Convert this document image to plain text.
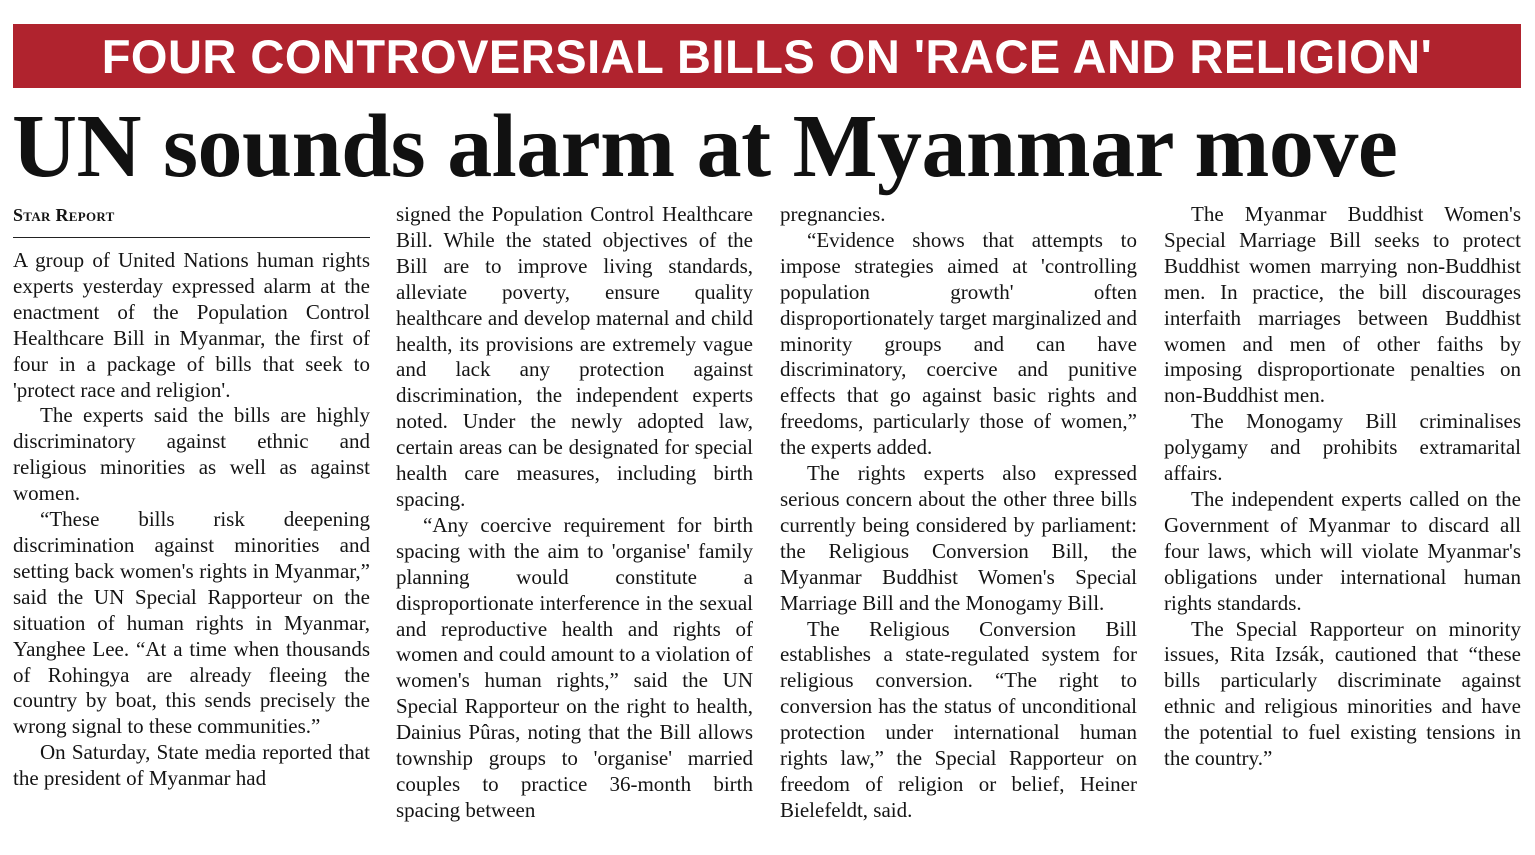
FOUR CONTROVERSIAL BILLS ON 'RACE AND RELIGION'
UN sounds alarm at Myanmar move
Star Report

A group of United Nations human rights experts yesterday expressed alarm at the enactment of the Population Control Healthcare Bill in Myanmar, the first of four in a package of bills that seek to 'protect race and religion'.

The experts said the bills are highly discriminatory against ethnic and religious minorities as well as against women.

“These bills risk deepening discrimination against minorities and setting back women's rights in Myanmar,” said the UN Special Rapporteur on the situation of human rights in Myanmar, Yanghee Lee. “At a time when thousands of Rohingya are already fleeing the country by boat, this sends precisely the wrong signal to these communities.”

On Saturday, State media reported that the president of Myanmar had

signed the Population Control Healthcare Bill. While the stated objectives of the Bill are to improve living standards, alleviate poverty, ensure quality healthcare and develop maternal and child health, its provisions are extremely vague and lack any protection against discrimination, the independent experts noted. Under the newly adopted law, certain areas can be designated for special health care measures, including birth spacing.

“Any coercive requirement for birth spacing with the aim to 'organise' family planning would constitute a disproportionate interference in the sexual and reproductive health and rights of women and could amount to a violation of women's human rights,” said the UN Special Rapporteur on the right to health, Dainius Pûras, noting that the Bill allows township groups to 'organise' married couples to practice 36-month birth spacing between

pregnancies.

“Evidence shows that attempts to impose strategies aimed at 'controlling population growth' often disproportionately target marginalized and minority groups and can have discriminatory, coercive and punitive effects that go against basic rights and freedoms, particularly those of women,” the experts added.

The rights experts also expressed serious concern about the other three bills currently being considered by parliament: the Religious Conversion Bill, the Myanmar Buddhist Women's Special Marriage Bill and the Monogamy Bill.

The Religious Conversion Bill establishes a state-regulated system for religious conversion. “The right to conversion has the status of unconditional protection under international human rights law,” the Special Rapporteur on freedom of religion or belief, Heiner Bielefeldt, said.

The Myanmar Buddhist Women's Special Marriage Bill seeks to protect Buddhist women marrying non-Buddhist men. In practice, the bill discourages interfaith marriages between Buddhist women and men of other faiths by imposing disproportionate penalties on non-Buddhist men.

The Monogamy Bill criminalises polygamy and prohibits extramarital affairs.

The independent experts called on the Government of Myanmar to discard all four laws, which will violate Myanmar's obligations under international human rights standards.

The Special Rapporteur on minority issues, Rita Izsák, cautioned that “these bills particularly discriminate against ethnic and religious minorities and have the potential to fuel existing tensions in the country.”
